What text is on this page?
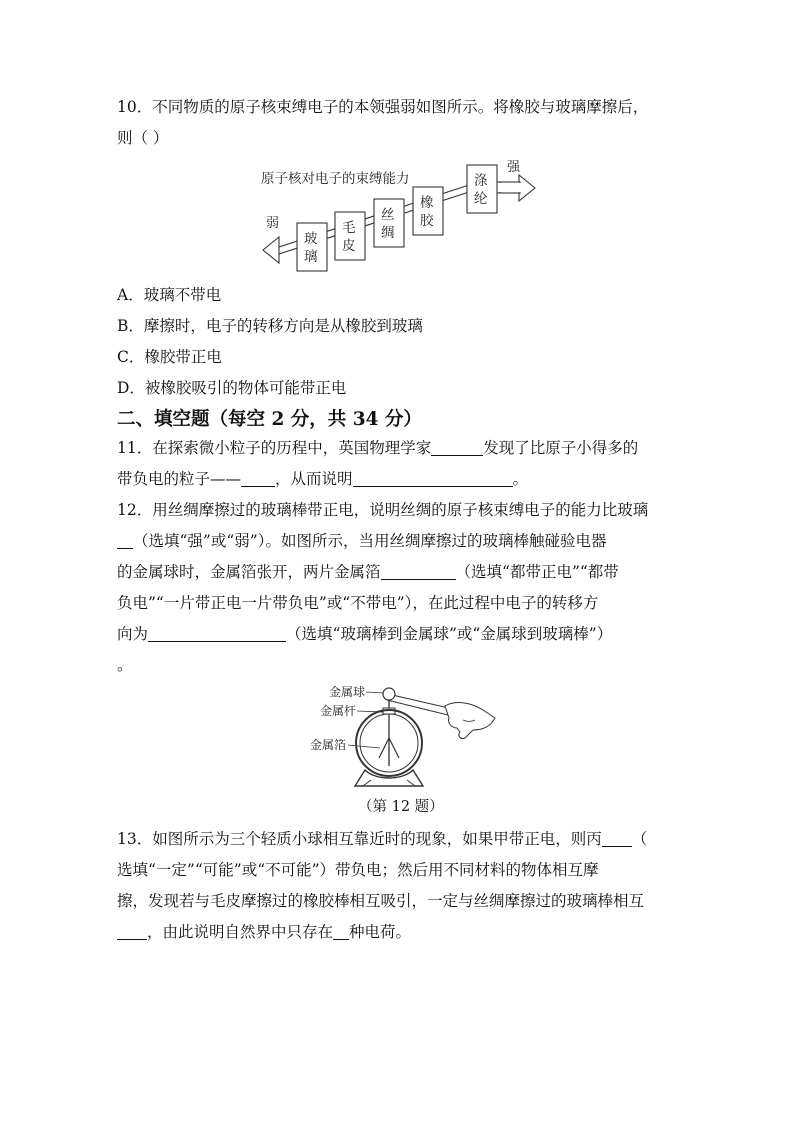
10．不同物质的原子核束缚电子的本领强弱如图所示。将橡胶与玻璃摩擦后，
则（ ）
原子核对电子的束缚能力
强
弱
玻
璃
毛
皮
丝
绸
橡
胶
涤
纶
A．玻璃不带电
B．摩擦时，电子的转移方向是从橡胶到玻璃
C．橡胶带正电
D．被橡胶吸引的物体可能带正电
二、填空题（每空 2 分，共 34 分）
11．在探索微小粒子的历程中，英国物理学家	发现了比原子小得多的
带负电的粒子—— ，从而说明	。
12．用丝绸摩擦过的玻璃棒带正电，说明丝绸的原子核束缚电子的能力比玻璃
（选填“强”或“弱”）。如图所示，当用丝绸摩擦过的玻璃棒触碰验电器
的金属球时，金属箔张开，两片金属箔	（选填“都带正电”“都带
负电”“一片带正电一片带负电”或“不带电”），在此过程中电子的转移方
向为	（选填“玻璃棒到金属球”或“金属球到玻璃棒”）
。
金属球
金属杆
金属箔
（第 12 题）
13．如图所示为三个轻质小球相互靠近时的现象，如果甲带正电，则丙 （
选填“一定”“可能”或“不可能”）带负电；然后用不同材料的物体相互摩
擦，发现若与毛皮摩擦过的橡胶棒相互吸引，一定与丝绸摩擦过的玻璃棒相互
，由此说明自然界中只存在 种电荷。
